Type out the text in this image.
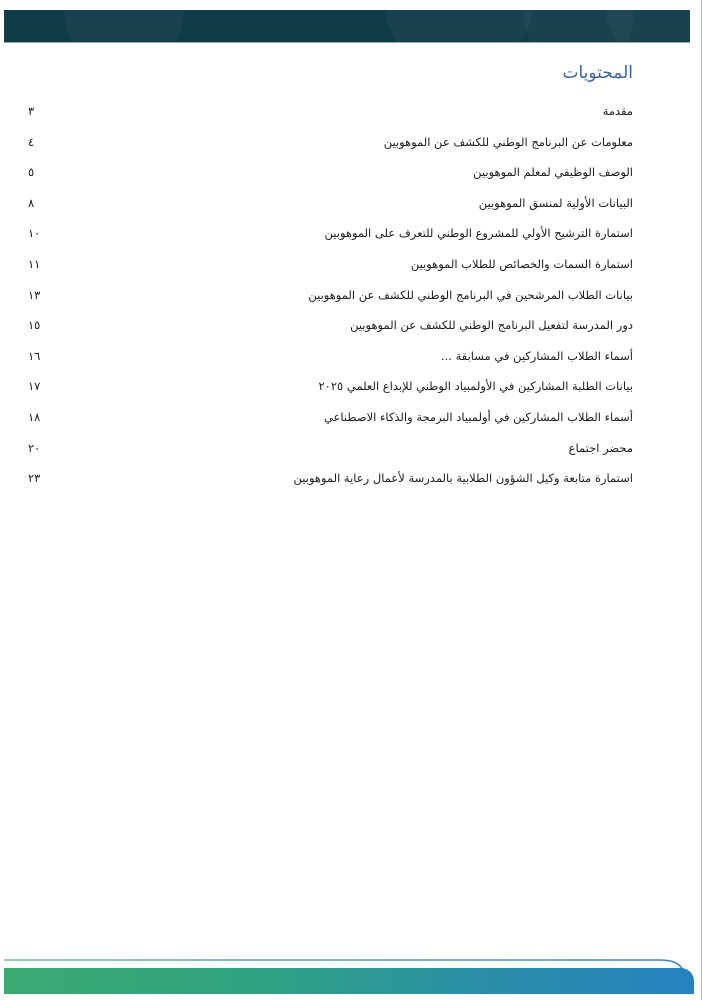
المحتويات
مقدمة
٣
معلومات عن البرنامج الوطني للكشف عن الموهوبين
٤
الوصف الوظيفي لمعلم الموهوبين
٥
البيانات الأولية لمنسق الموهوبين
٨
استمارة الترشيح الأولي للمشروع الوطني للتعرف على الموهوبين
١٠
استمارة السمات والخصائص للطلاب الموهوبين
١١
بيانات الطلاب المرشحين في البرنامج الوطني للكشف عن الموهوبين
١٣
دور المدرسة لتفعيل البرنامج الوطني للكشف عن الموهوبين
١٥
أسماء الطلاب المشاركين في مسابقة ...
١٦
بيانات الطلبة المشاركين في الأولمبياد الوطني للإبداع العلمي ٢٠٢٥
١٧
أسماء الطلاب المشاركين في أولمبياد البرمجة والذكاء الاصطناعي
١٨
محضر اجتماع
٢٠
استمارة متابعة وكيل الشؤون الطلابية بالمدرسة لأعمال رعاية الموهوبين
٢٣
